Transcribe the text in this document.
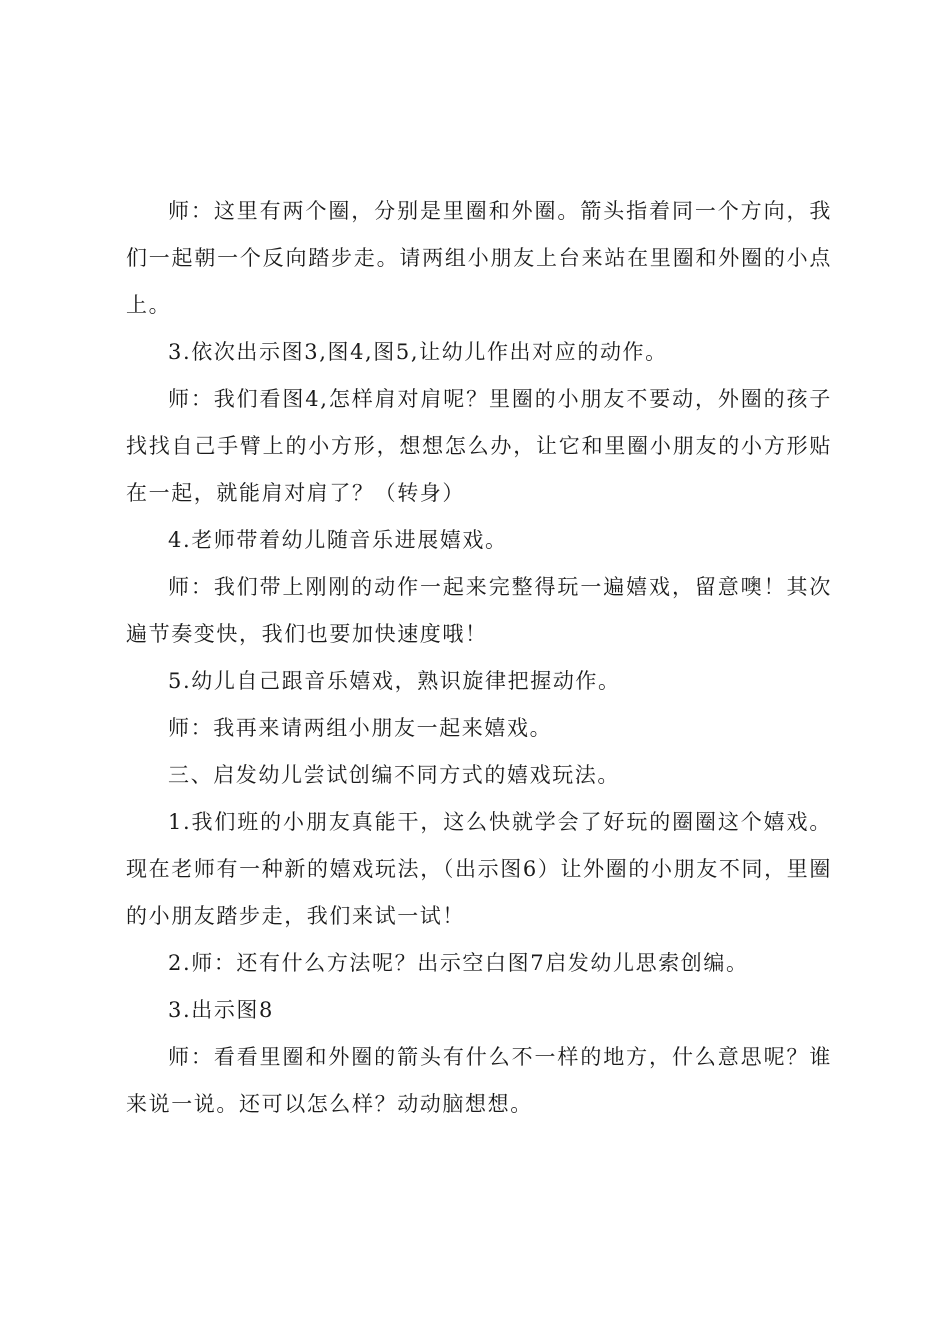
师：这里有两个圈，分别是里圈和外圈。箭头指着同一个方向，我们一起朝一个反向踏步走。请两组小朋友上台来站在里圈和外圈的小点上。

3.依次出示图3,图4,图5,让幼儿作出对应的动作。

师：我们看图4,怎样肩对肩呢？里圈的小朋友不要动，外圈的孩子找找自己手臂上的小方形，想想怎么办，让它和里圈小朋友的小方形贴在一起，就能肩对肩了？（转身）

4.老师带着幼儿随音乐进展嬉戏。

师：我们带上刚刚的动作一起来完整得玩一遍嬉戏，留意噢！其次遍节奏变快，我们也要加快速度哦！

5.幼儿自己跟音乐嬉戏，熟识旋律把握动作。

师：我再来请两组小朋友一起来嬉戏。

三、启发幼儿尝试创编不同方式的嬉戏玩法。

1.我们班的小朋友真能干，这么快就学会了好玩的圈圈这个嬉戏。现在老师有一种新的嬉戏玩法，（出示图6）让外圈的小朋友不同，里圈的小朋友踏步走，我们来试一试！

2.师：还有什么方法呢？出示空白图7启发幼儿思索创编。

3.出示图8

师：看看里圈和外圈的箭头有什么不一样的地方，什么意思呢？谁来说一说。还可以怎么样？动动脑想想。
